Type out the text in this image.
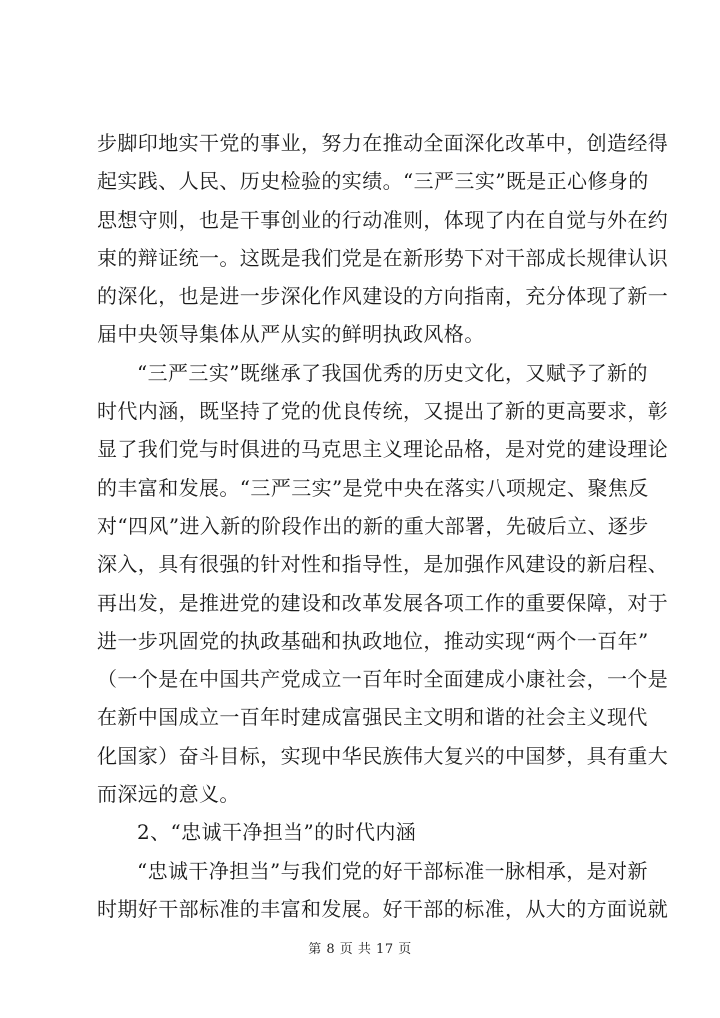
步脚印地实干党的事业，努力在推动全面深化改革中，创造经得
起实践、人民、历史检验的实绩。“三严三实”既是正心修身的
思想守则，也是干事创业的行动准则，体现了内在自觉与外在约
束的辩证统一。这既是我们党是在新形势下对干部成长规律认识
的深化，也是进一步深化作风建设的方向指南，充分体现了新一
届中央领导集体从严从实的鲜明执政风格。
“三严三实”既继承了我国优秀的历史文化，又赋予了新的
时代内涵，既坚持了党的优良传统，又提出了新的更高要求，彰
显了我们党与时俱进的马克思主义理论品格，是对党的建设理论
的丰富和发展。“三严三实”是党中央在落实八项规定、聚焦反
对“四风”进入新的阶段作出的新的重大部署，先破后立、逐步
深入，具有很强的针对性和指导性，是加强作风建设的新启程、
再出发，是推进党的建设和改革发展各项工作的重要保障，对于
进一步巩固党的执政基础和执政地位，推动实现“两个一百年”
（一个是在中国共产党成立一百年时全面建成小康社会，一个是
在新中国成立一百年时建成富强民主文明和谐的社会主义现代
化国家）奋斗目标，实现中华民族伟大复兴的中国梦，具有重大
而深远的意义。
2、“忠诚干净担当”的时代内涵
“忠诚干净担当”与我们党的好干部标准一脉相承，是对新
时期好干部标准的丰富和发展。好干部的标准，从大的方面说就
第 8 页 共 17 页
